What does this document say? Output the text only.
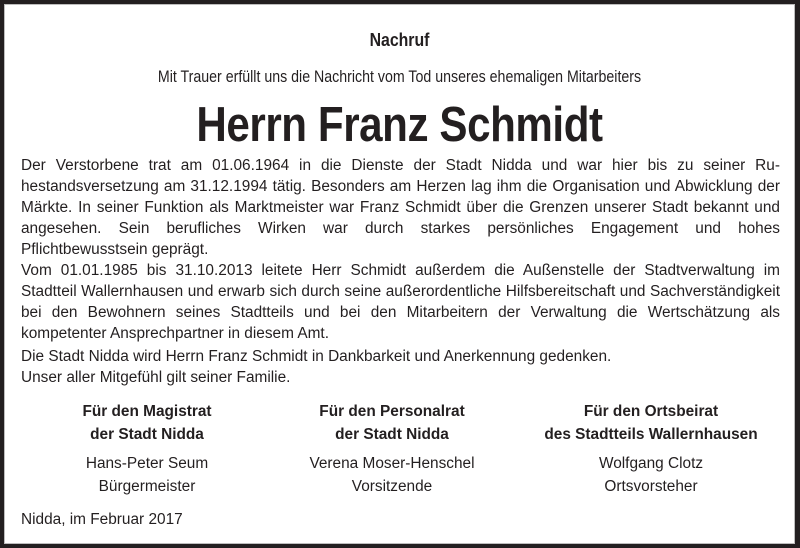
Nachruf
Mit Trauer erfüllt uns die Nachricht vom Tod unseres ehemaligen Mitarbeiters
Herrn Franz Schmidt
Der Verstorbene trat am 01.06.1964 in die Dienste der Stadt Nidda und war hier bis zu seiner Ruhestandsversetzung am 31.12.1994 tätig. Besonders am Herzen lag ihm die Organisation und Abwicklung der Märkte. In seiner Funktion als Marktmeister war Franz Schmidt über die Grenzen unserer Stadt bekannt und angesehen. Sein berufliches Wirken war durch starkes persönliches Engagement und hohes Pflichtbewusstsein geprägt.
Vom 01.01.1985 bis 31.10.2013 leitete Herr Schmidt außerdem die Außenstelle der Stadtverwaltung im Stadtteil Wallernhausen und erwarb sich durch seine außerordentliche Hilfsbereitschaft und Sachverständigkeit bei den Bewohnern seines Stadtteils und bei den Mitarbeitern der Verwaltung die Wertschätzung als kompetenter Ansprechpartner in diesem Amt.
Die Stadt Nidda wird Herrn Franz Schmidt in Dankbarkeit und Anerkennung gedenken.
Unser aller Mitgefühl gilt seiner Familie.
Für den Magistrat
der Stadt Nidda
Hans-Peter Seum
Bürgermeister
Für den Personalrat
der Stadt Nidda
Verena Moser-Henschel
Vorsitzende
Für den Ortsbeirat
des Stadtteils Wallernhausen
Wolfgang Clotz
Ortsvorsteher
Nidda, im Februar 2017
